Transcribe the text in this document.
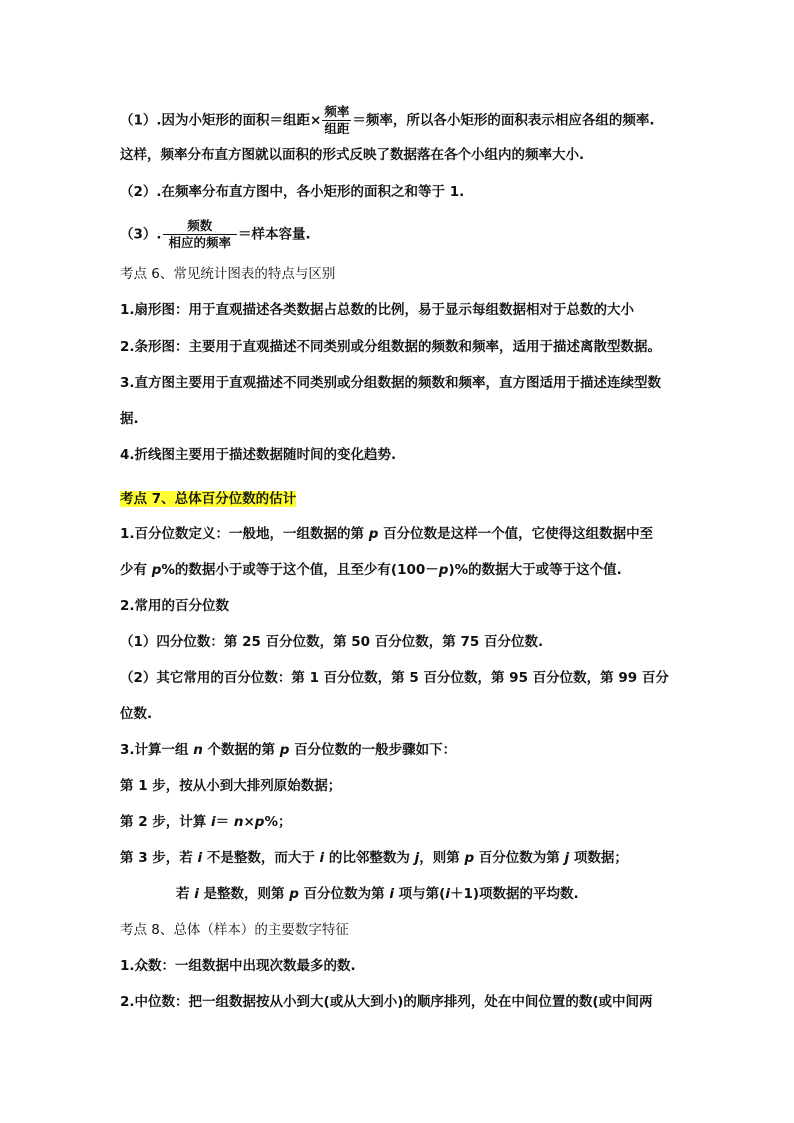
（1）.因为小矩形的面积＝组距× $\frac{\text{频率}}{\text{组距}}$ ＝频率，所以各小矩形的面积表示相应各组的频率.
这样，频率分布直方图就以面积的形式反映了数据落在各个小组内的频率大小.
（2）.在频率分布直方图中，各小矩形的面积之和等于 1.
（3）. $\frac{\text{频数}}{\text{相应的频率}}$ ＝样本容量.
考点 6、常见统计图表的特点与区别
1.扇形图：用于直观描述各类数据占总数的比例，易于显示每组数据相对于总数的大小
2.条形图：主要用于直观描述不同类别或分组数据的频数和频率，适用于描述离散型数据。
3.直方图主要用于直观描述不同类别或分组数据的频数和频率，直方图适用于描述连续型数
据.
4.折线图主要用于描述数据随时间的变化趋势.
考点 7、总体百分位数的估计
1.百分位数定义：一般地，一组数据的第 p 百分位数是这样一个值，它使得这组数据中至
少有 p%的数据小于或等于这个值，且至少有(100－p)%的数据大于或等于这个值.
2.常用的百分位数
（1）四分位数：第 25 百分位数，第 50 百分位数，第 75 百分位数.
（2）其它常用的百分位数：第 1 百分位数，第 5 百分位数，第 95 百分位数，第 99 百分
位数.
3.计算一组 n 个数据的第 p 百分位数的一般步骤如下：
第 1 步，按从小到大排列原始数据；
第 2 步，计算 i＝ n×p%；
第 3 步，若 i 不是整数，而大于 i 的比邻整数为 j，则第 p 百分位数为第 j 项数据；
若 i 是整数，则第 p 百分位数为第 i 项与第(i＋1)项数据的平均数.
考点 8、总体（样本）的主要数字特征
1.众数：一组数据中出现次数最多的数.
2.中位数：把一组数据按从小到大(或从大到小)的顺序排列，处在中间位置的数(或中间两
